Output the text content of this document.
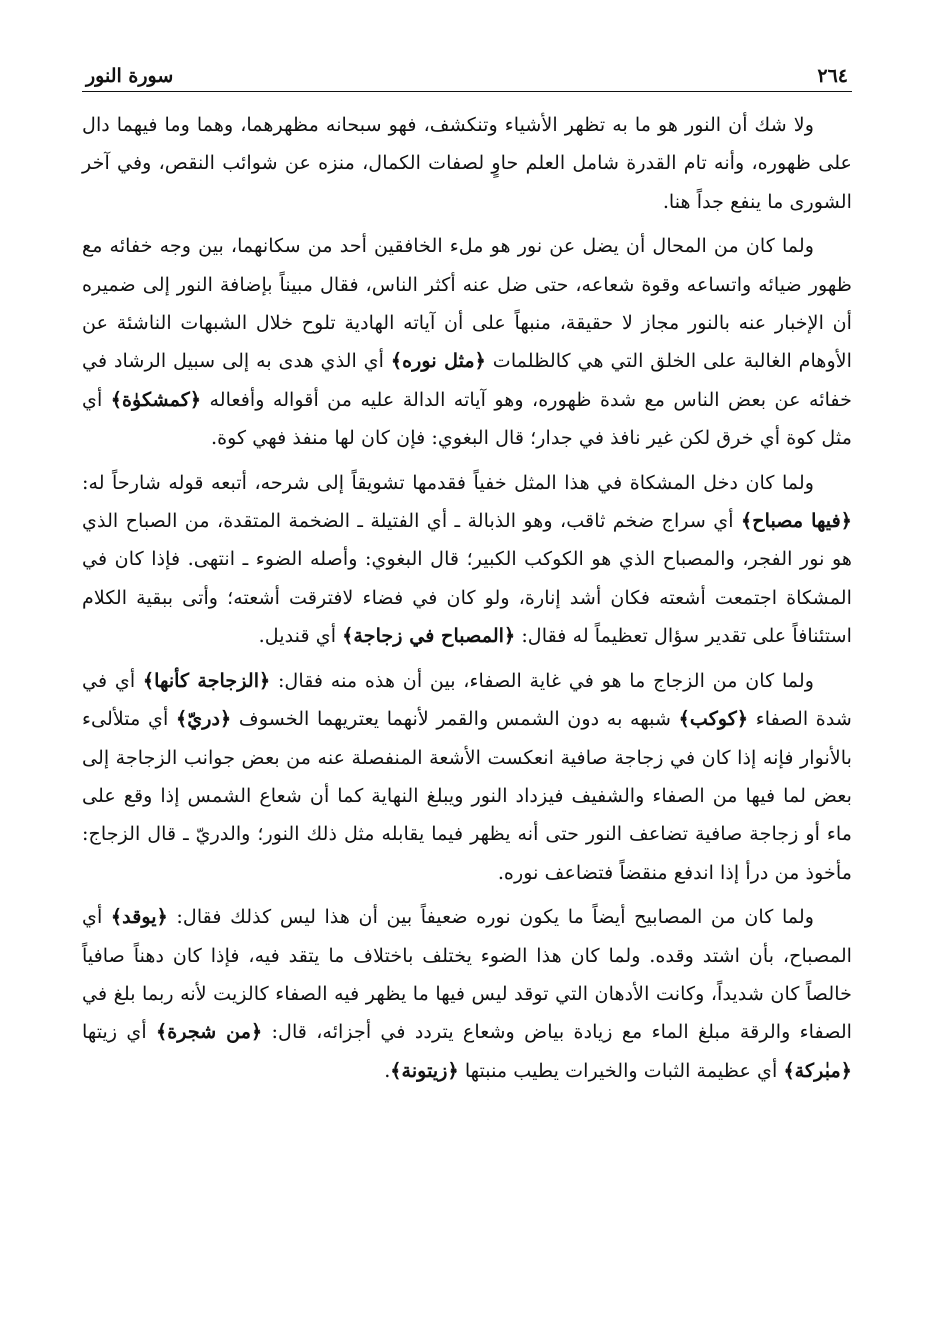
٢٦٤
سورة النور

ولا شك أن النور هو ما به تظهر الأشياء وتنكشف، فهو سبحانه مظهرهما، وهما وما فيهما دال على ظهوره، وأنه تام القدرة شامل العلم حاوٍ لصفات الكمال، منزه عن شوائب النقص، وفي آخر الشورى ما ينفع جداً هنا.

ولما كان من المحال أن يضل عن نور هو ملء الخافقين أحد من سكانهما، بين وجه خفائه مع ظهور ضيائه واتساعه وقوة شعاعه، حتى ضل عنه أكثر الناس، فقال مبيناً بإضافة النور إلى ضميره أن الإخبار عنه بالنور مجاز لا حقيقة، منبهاً على أن آياته الهادية تلوح خلال الشبهات الناشئة عن الأوهام الغالبة على الخلق التي هي كالظلمات ﴿مثل نوره﴾ أي الذي هدى به إلى سبيل الرشاد في خفائه عن بعض الناس مع شدة ظهوره، وهو آياته الدالة عليه من أقواله وأفعاله ﴿كمشكوٰة﴾ أي مثل كوة أي خرق لكن غير نافذ في جدار؛ قال البغوي: فإن كان لها منفذ فهي كوة.

ولما كان دخل المشكاة في هذا المثل خفياً فقدمها تشويقاً إلى شرحه، أتبعه قوله شارحاً له: ﴿فيها مصباح﴾ أي سراج ضخم ثاقب، وهو الذبالة ـ أي الفتيلة ـ الضخمة المتقدة، من الصباح الذي هو نور الفجر، والمصباح الذي هو الكوكب الكبير؛ قال البغوي: وأصله الضوء ـ انتهى. فإذا كان في المشكاة اجتمعت أشعته فكان أشد إنارة، ولو كان في فضاء لافترقت أشعته؛ وأتى ببقية الكلام استئنافاً على تقدير سؤال تعظيماً له فقال: ﴿المصباح في زجاجة﴾ أي قنديل.

ولما كان من الزجاج ما هو في غاية الصفاء، بين أن هذه منه فقال: ﴿الزجاجة كأنها﴾ أي في شدة الصفاء ﴿كوكب﴾ شبهه به دون الشمس والقمر لأنهما يعتريهما الخسوف ﴿دريّ﴾ أي متلألىء بالأنوار فإنه إذا كان في زجاجة صافية انعكست الأشعة المنفصلة عنه من بعض جوانب الزجاجة إلى بعض لما فيها من الصفاء والشفيف فيزداد النور ويبلغ النهاية كما أن شعاع الشمس إذا وقع على ماء أو زجاجة صافية تضاعف النور حتى أنه يظهر فيما يقابله مثل ذلك النور؛ والدريّ ـ قال الزجاج: مأخوذ من درأ إذا اندفع منقضاً فتضاعف نوره.

ولما كان من المصابيح أيضاً ما يكون نوره ضعيفاً بين أن هذا ليس كذلك فقال: ﴿يوقد﴾ أي المصباح، بأن اشتد وقده. ولما كان هذا الضوء يختلف باختلاف ما يتقد فيه، فإذا كان دهناً صافياً خالصاً كان شديداً، وكانت الأدهان التي توقد ليس فيها ما يظهر فيه الصفاء كالزيت لأنه ربما بلغ في الصفاء والرقة مبلغ الماء مع زيادة بياض وشعاع يتردد في أجزائه، قال: ﴿من شجرة﴾ أي زيتها ﴿مبٰركة﴾ أي عظيمة الثبات والخيرات يطيب منبتها ﴿زيتونة﴾.
